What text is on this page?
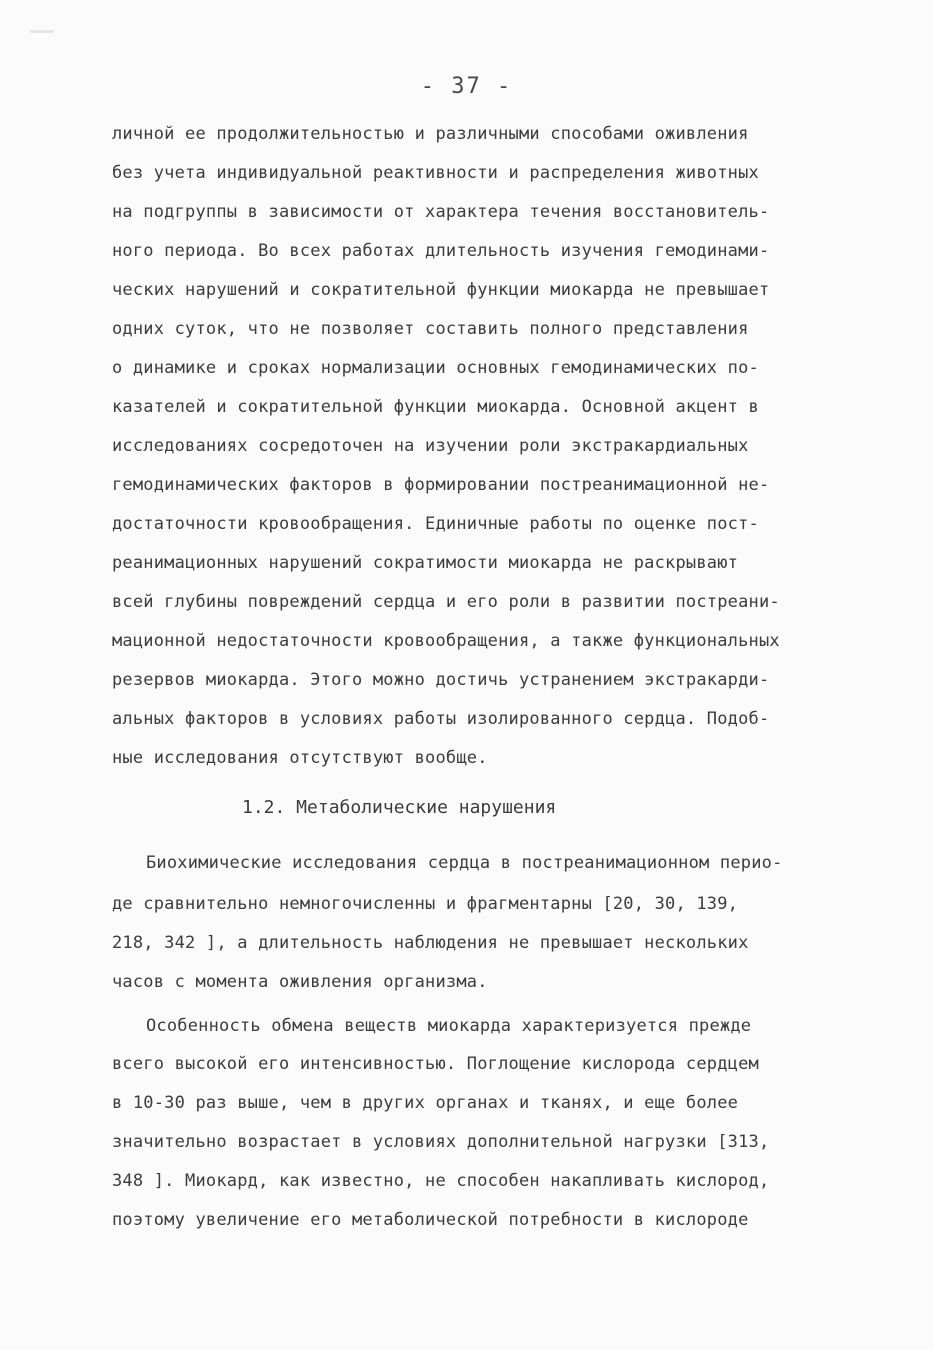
- 37 -
личной ее продолжительностью и различными способами оживления
без учета индивидуальной реактивности и распределения животных
на подгруппы в зависимости от характера течения восстановитель-
ного периода. Во всех работах длительность изучения гемодинами-
ческих нарушений и сократительной функции миокарда не превышает
одних суток, что не позволяет составить полного представления
о динамике и сроках нормализации основных гемодинамических по-
казателей и сократительной функции миокарда. Основной акцент в
исследованиях сосредоточен на изучении роли экстракардиальных
гемодинамических факторов в формировании постреанимационной не-
достаточности кровообращения. Единичные работы по оценке пост-
реанимационных нарушений сократимости миокарда не раскрывают
всей глубины повреждений сердца и его роли в развитии постреани-
мационной недостаточности кровообращения, а также функциональных
резервов миокарда. Этого можно достичь устранением экстракарди-
альных факторов в условиях работы изолированного сердца. Подоб-
ные исследования отсутствуют вообще.
1.2. Метаболические нарушения
Биохимические исследования сердца в постреанимационном перио-
де сравнительно немногочисленны и фрагментарны [20, 30, 139,
218, 342 ], а длительность наблюдения не превышает нескольких
часов с момента оживления организма.
Особенность обмена веществ миокарда характеризуется прежде
всего высокой его интенсивностью. Поглощение кислорода сердцем
в 10-30 раз выше, чем в других органах и тканях, и еще более
значительно возрастает в условиях дополнительной нагрузки [313,
348 ]. Миокард, как известно, не способен накапливать кислород,
поэтому увеличение его метаболической потребности в кислороде
